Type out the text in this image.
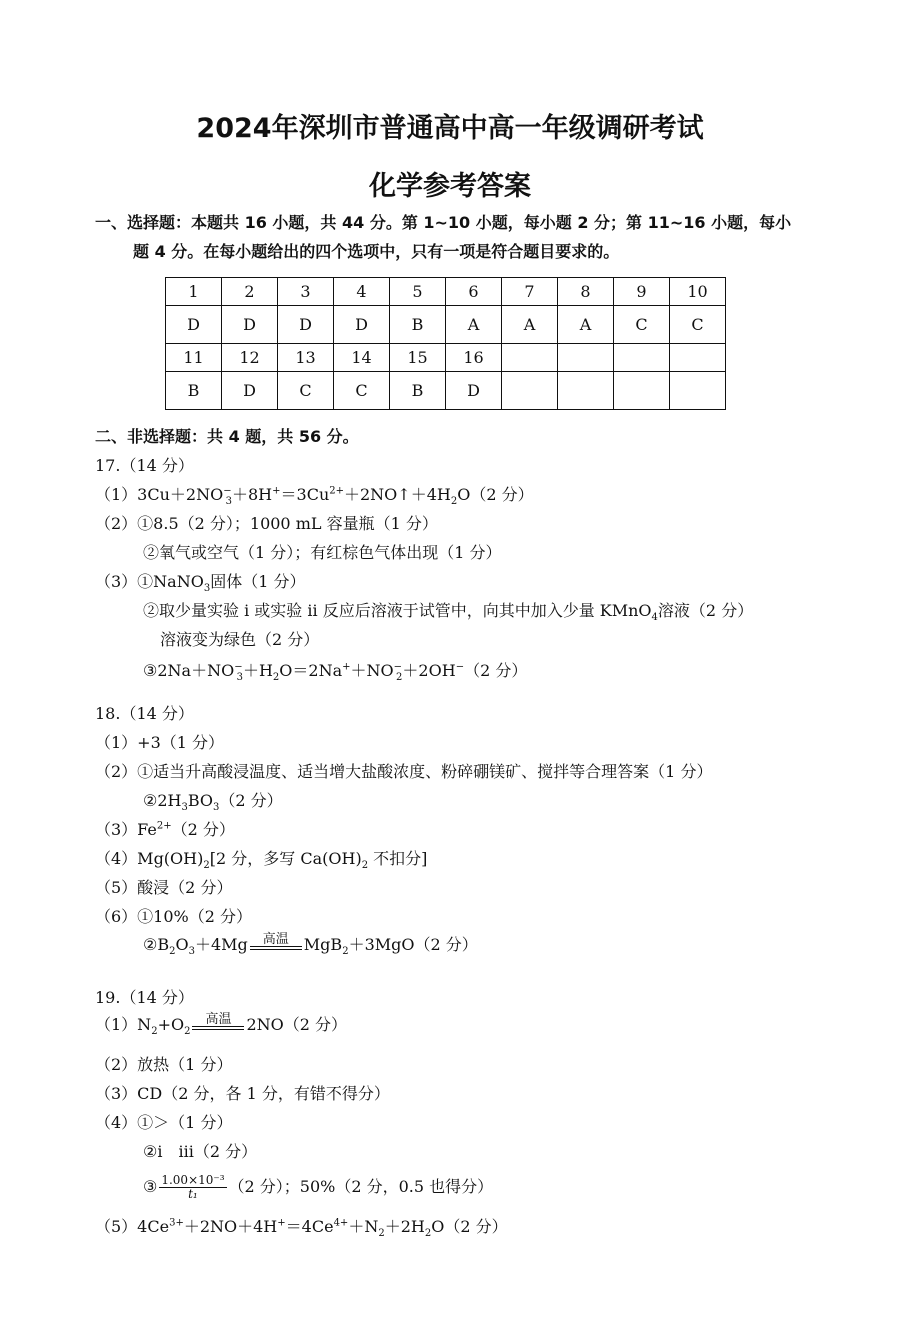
2024年深圳市普通高中高一年级调研考试
化学参考答案
一、选择题：本题共 16 小题，共 44 分。第 1~10 小题，每小题 2 分；第 11~16 小题，每小
题 4 分。在每小题给出的四个选项中，只有一项是符合题目要求的。
1	2	3	4	5	6	7	8	9	10
D	D	D	D	B	A	A	A	C	C
11	12	13	14	15	16				
B	D	C	C	B	D				
二、非选择题：共 4 题，共 56 分。
17.（14 分）
$(1)3Cu+2NO^-_3+8H^+=3Cu^{2+}+2NO↑+4H_2O(2$ 分）
（2）①8.5（2 分）；1000 mL 容量瓶（1 分）
②氧气或空气（1 分）；有红棕色气体出现（1 分）
（3）①NaNO$_3$固体（1 分）
②取少量实验 i 或实验 ii 反应后溶液于试管中，向其中加入少量 KMnO$_4$溶液（2 分）
溶液变为绿色（2 分）
$③2Na+NO^-_3+H_2O=2Na^++NO^-_2+2OH^-(2$ 分）
18.（14 分）
（1）+3（1 分）
（2）①适当升高酸浸温度、适当增大盐酸浓度、粉碎硼镁矿、搅拌等合理答案（1 分）
$②2H_3BO_3(2$ 分）
$(3)Fe^{2+}(2$ 分）
$(4)Mg(OH)_2[2$ 分，多写 $Ca(OH)_2$ 不扣分]
（5）酸浸（2 分）
（6）①10%（2 分）
$②B_2O_3+4Mg$	高温 MgB$_2$＋3MgO（2 分）
19.（14 分）
$(1)N_2+O_2$
高温 2NO（2 分）
（2）放热（1 分）
（3）CD（2 分，各 1 分，有错不得分）
（4）①＞（1 分）
②i　iii（2 分）
③ $\frac{\text{1.00×10⁻³}}{\text{t₁}} (2$ 分）；50%（2 分，0.5 也得分）
$(5)4Ce^{3+}+2NO+4H^+=4Ce^{4+}+N_2+2H_2O(2$ 分）
